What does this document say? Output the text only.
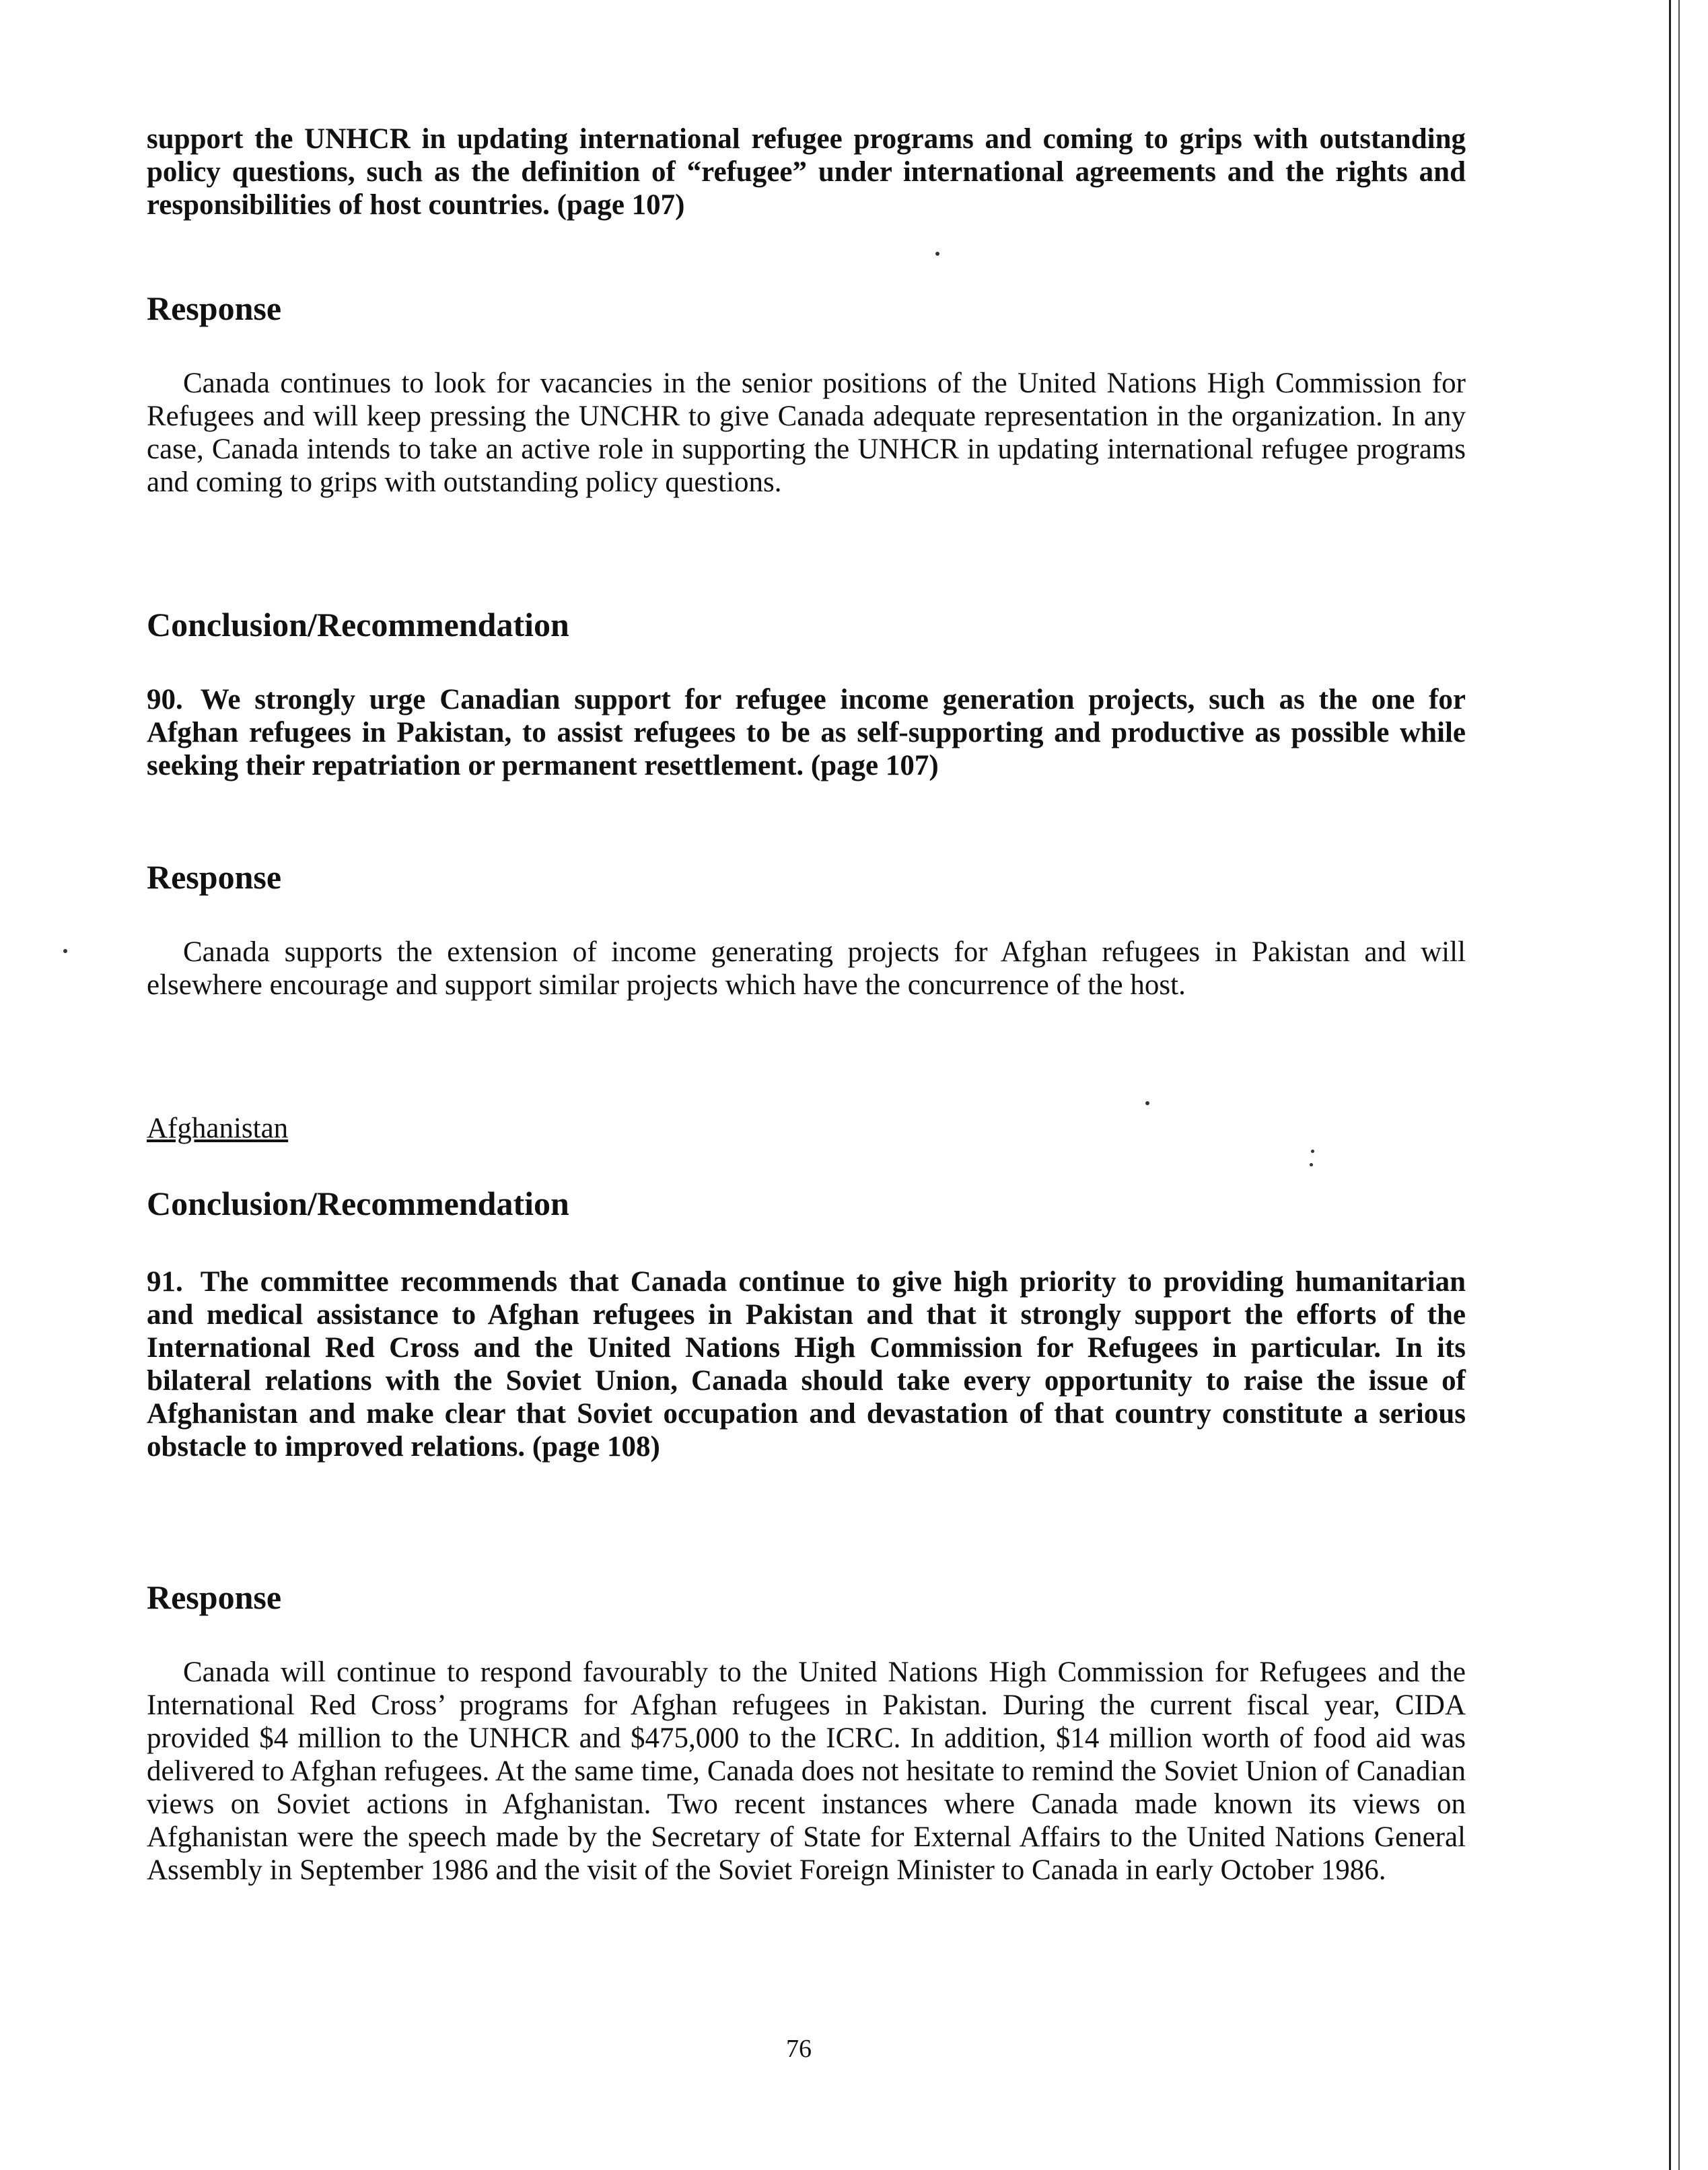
support the UNHCR in updating international refugee programs and coming to grips with outstanding policy questions, such as the definition of “refugee” under international agreements and the rights and responsibilities of host countries. (page 107)

Response

Canada continues to look for vacancies in the senior positions of the United Nations High Commission for Refugees and will keep pressing the UNCHR to give Canada adequate representation in the organization. In any case, Canada intends to take an active role in supporting the UNHCR in updating international refugee programs and coming to grips with outstanding policy questions.

Conclusion/Recommendation

90. We strongly urge Canadian support for refugee income generation projects, such as the one for Afghan refugees in Pakistan, to assist refugees to be as self-supporting and productive as possible while seeking their repatriation or permanent resettlement. (page 107)

Response

Canada supports the extension of income generating projects for Afghan refugees in Pakistan and will elsewhere encourage and support similar projects which have the concurrence of the host.

Afghanistan
Conclusion/Recommendation

91. The committee recommends that Canada continue to give high priority to providing humanitarian and medical assistance to Afghan refugees in Pakistan and that it strongly support the efforts of the International Red Cross and the United Nations High Commission for Refugees in particular. In its bilateral relations with the Soviet Union, Canada should take every opportunity to raise the issue of Afghanistan and make clear that Soviet occupation and devastation of that country constitute a serious obstacle to improved relations. (page 108)

Response

Canada will continue to respond favourably to the United Nations High Commission for Refugees and the International Red Cross’ programs for Afghan refugees in Pakistan. During the current fiscal year, CIDA provided $4 million to the UNHCR and $475,000 to the ICRC. In addition, $14 million worth of food aid was delivered to Afghan refugees. At the same time, Canada does not hesitate to remind the Soviet Union of Canadian views on Soviet actions in Afghanistan. Two recent instances where Canada made known its views on Afghanistan were the speech made by the Secretary of State for External Affairs to the United Nations General Assembly in September 1986 and the visit of the Soviet Foreign Minister to Canada in early October 1986.

76
